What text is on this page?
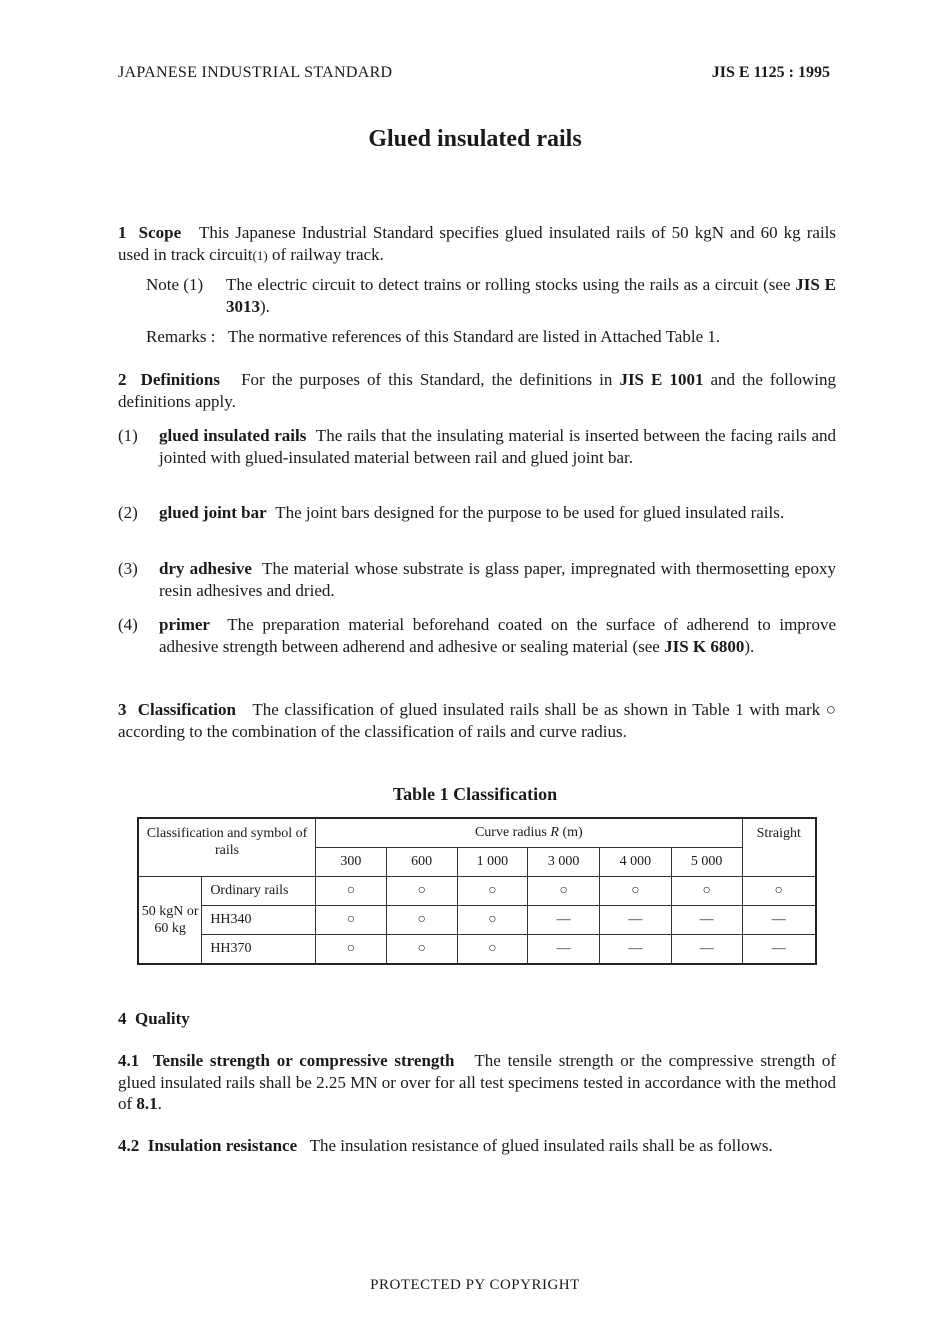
JAPANESE INDUSTRIAL STANDARD	JIS E 1125 : 1995
Glued insulated rails
1 Scope This Japanese Industrial Standard specifies glued insulated rails of 50 kgN and 60 kg rails used in track circuit(1) of railway track.
Note (1) The electric circuit to detect trains or rolling stocks using the rails as a circuit (see JIS E 3013).
Remarks : The normative references of this Standard are listed in Attached Table 1.
2 Definitions For the purposes of this Standard, the definitions in JIS E 1001 and the following definitions apply.
(1) glued insulated rails The rails that the insulating material is inserted between the facing rails and jointed with glued-insulated material between rail and glued joint bar.
(2) glued joint bar The joint bars designed for the purpose to be used for glued insulated rails.
(3) dry adhesive The material whose substrate is glass paper, impregnated with thermosetting epoxy resin adhesives and dried.
(4) primer The preparation material beforehand coated on the surface of adherend to improve adhesive strength between adherend and adhesive or sealing material (see JIS K 6800).
3 Classification The classification of glued insulated rails shall be as shown in Table 1 with mark ○ according to the combination of the classification of rails and curve radius.
Table 1 Classification
Classification and symbol of rails		Curve radius R (m)						Straight
		300	600	1 000	3 000	4 000	5 000	
50 kgN or 60 kg	Ordinary rails	○	○	○	○	○	○	○
	HH340	○	○	○	—	—	—	—
	HH370	○	○	○	—	—	—	—
4 Quality
4.1 Tensile strength or compressive strength The tensile strength or the compressive strength of glued insulated rails shall be 2.25 MN or over for all test specimens tested in accordance with the method of 8.1.
4.2 Insulation resistance The insulation resistance of glued insulated rails shall be as follows.
PROTECTED PY COPYRIGHT
